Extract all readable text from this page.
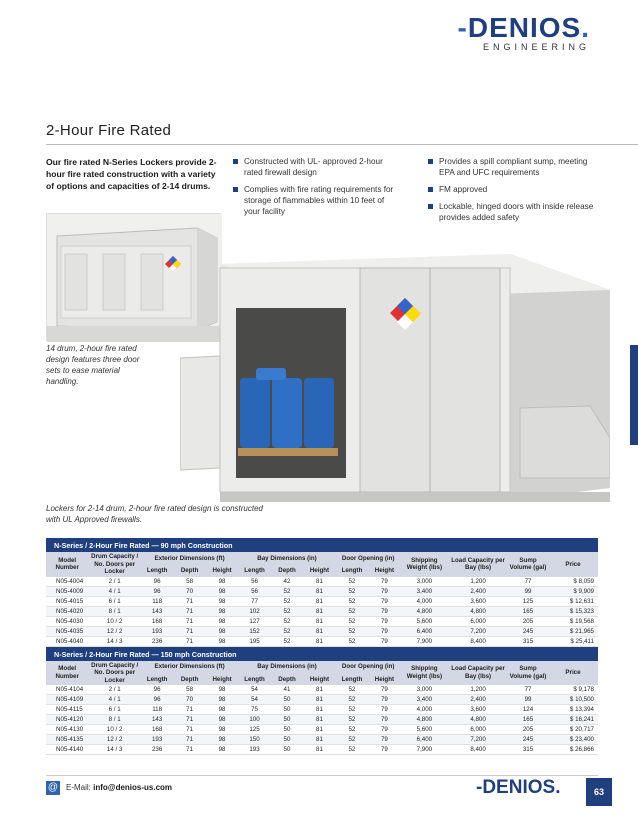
-DENIOS.
ENGINEERING
2-Hour Fire Rated
Our fire rated N-Series Lockers provide 2-hour fire rated construction with a variety of options and capacities of 2-14 drums.
Constructed with UL- approved 2-hour rated firewall design
Complies with fire rating requirements for storage of flammables within 10 feet of your facility
Provides a spill compliant sump, meeting EPA and UFC requirements
FM approved
Lockable, hinged doors with inside release provides added safety
14 drum, 2-hour fire rated design features three door sets to ease material handling.
Lockers for 2-14 drum, 2-hour fire rated design is constructed with UL Approved firewalls.
N-Series / 2-Hour Fire Rated — 90 mph Construction
Model Number	Drum Capacity / No. Doors per Locker	Exterior Dimensions (ft)			Bay Dimensions (in)			Door Opening (in)		Shipping Weight (lbs)	Load Capacity per Bay (lbs)	Sump Volume (gal)	Price
		Length	Depth	Height	Length	Depth	Height	Length	Height				
N05-4004	2 / 1	96	58	98	56	42	81	52	79	3,000	1,200	77	$ 8,059
N05-4009	4 / 1	96	70	98	56	52	81	52	79	3,400	2,400	99	$ 9,909
N05-4015	6 / 1	118	71	98	77	52	81	52	79	4,000	3,600	125	$ 12,631
N05-4020	8 / 1	143	71	98	102	52	81	52	79	4,800	4,800	165	$ 15,323
N05-4030	10 / 2	168	71	98	127	52	81	52	79	5,600	6,000	205	$ 19,568
N05-4035	12 / 2	193	71	98	152	52	81	52	79	6,400	7,200	245	$ 21,965
N05-4040	14 / 3	236	71	98	195	52	81	52	79	7,900	8,400	315	$ 25,411
N-Series / 2-Hour Fire Rated — 150 mph Construction
Model Number	Drum Capacity / No. Doors per Locker	Exterior Dimensions (ft)			Bay Dimensions (in)			Door Opening (in)		Shipping Weight (lbs)	Load Capacity per Bay (lbs)	Sump Volume (gal)	Price
		Length	Depth	Height	Length	Depth	Height	Length	Height				
N05-4104	2 / 1	96	58	98	54	41	81	52	79	3,000	1,200	77	$ 9,178
N05-4109	4 / 1	96	70	98	54	50	81	52	79	3,400	2,400	99	$ 10,500
N05-4115	6 / 1	118	71	98	75	50	81	52	79	4,000	3,600	124	$ 13,394
N05-4120	8 / 1	143	71	98	100	50	81	52	79	4,800	4,800	165	$ 16,241
N05-4130	10 / 2	168	71	98	125	50	81	52	79	5,600	6,000	205	$ 20,717
N05-4135	12 / 2	193	71	98	150	50	81	52	79	6,400	7,200	245	$ 23,400
N05-4140	14 / 3	236	71	98	193	50	81	52	79	7,900	8,400	315	$ 26,866
@ E-Mail: info@denios-us.com	-DENIOS.	63
